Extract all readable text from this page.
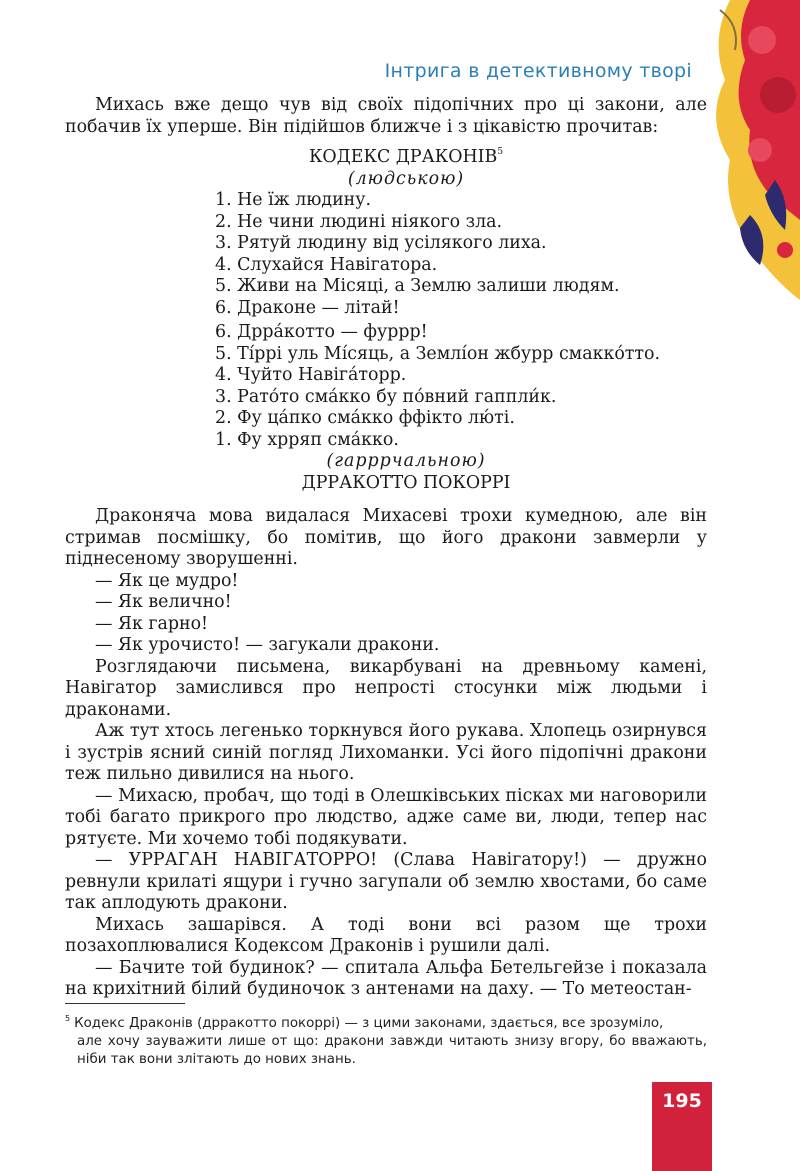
Інтрига в детективному творі

Михась вже дещо чув від своїх підопічних про ці закони, але побачив їх уперше. Він підійшов ближче і з цікавістю прочитав:

КОДЕКС ДРАКОНІВ$^5$
(людською)
1. Не їж людину.
2. Не чини людині ніякого зла.
3. Рятуй людину від усілякого лиха.
4. Слухайся Навігатора.
5. Живи на Місяці, а Землю залиши людям.
6. Драконе — літай!
6. Дрра́котто — фуррр!
5. Ті́ррі уль Мі́сяць, а Землі́он жбурр смакко́тто.
4. Чуйто Навіга́торр.
3. Рато́то сма́кко бу по́вний гаппли́к.
2. Фу ца́пко сма́кко ффікто лю́ті.
1. Фу хрряп сма́кко.
(гарррчальною)
ДРРАКОТТО ПОКОРРІ

Драконяча мова видалася Михасеві трохи кумедною, але він стримав посмішку, бо помітив, що його дракони завмерли у піднесеному зворушенні.

— Як це мудро!

— Як велично!

— Як гарно!

— Як урочисто! — загукали дракони.

Розглядаючи письмена, викарбувані на древньому камені, Навігатор замислився про непрості стосунки між людьми і драконами.

Аж тут хтось легенько торкнувся його рукава. Хлопець озирнувся і зустрів ясний синій погляд Лихоманки. Усі його підопічні дракони теж пильно дивилися на нього.

— Михасю, пробач, що тоді в Олешківських пісках ми наговорили тобі багато прикрого про людство, адже саме ви, люди, тепер нас рятуєте. Ми хочемо тобі подякувати.

— УРРАГАН НАВІГАТОРРО! (Слава Навігатору!) — дружно ревнули крилаті ящури і гучно загупали об землю хвостами, бо саме так аплодують дракони.

Михась зашарівся. А тоді вони всі разом ще трохи позахоплювалися Кодексом Драконів і рушили далі.

— Бачите той будинок? — спитала Альфа Бетельгейзе і показала на крихітний білий будиночок з антенами на даху. — То метеостан-

$^5$ Кодекс Драконів (дрракотто покоррі) — з цими законами, здається, все зрозуміло,
але хочу зауважити лише от що: дракони завжди читають знизу вгору, бо вважають, ніби так вони злітають до нових знань.
195
